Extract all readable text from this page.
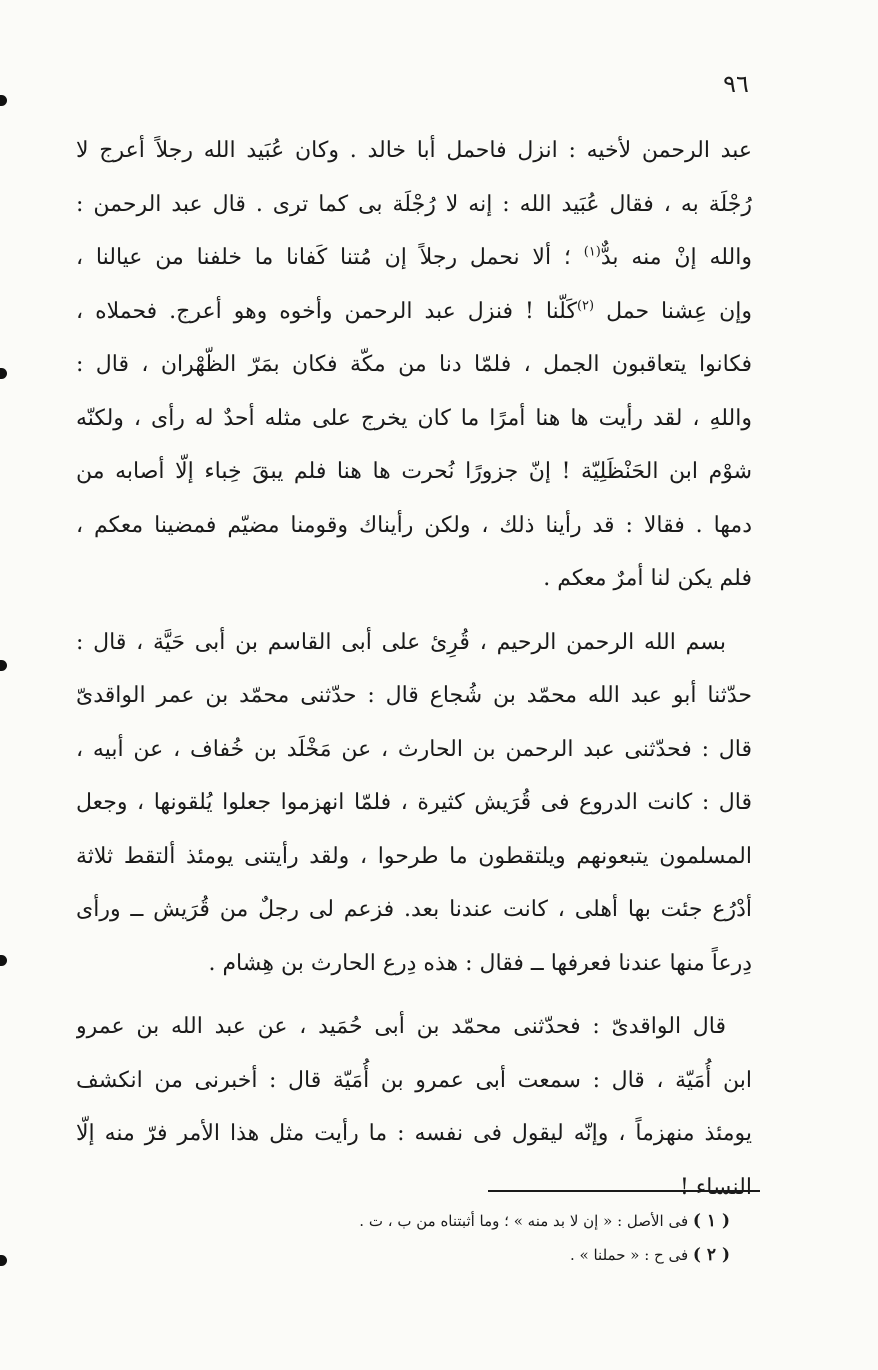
٩٦
عبد الرحمن لأخيه : انزل فاحمل أبا خالد . وكان عُبَيد الله رجلاً أعرج لا
رُجْلَة به ، فقال عُبَيد الله : إنه لا رُجْلَة بى كما ترى . قال عبد الرحمن :
والله إنْ منه بدٌّ$^{(١)}$ ؛ ألا نحمل رجلاً إن مُتنا كَفانا ما خلفنا من عيالنا ،
وإن عِشنا حمل $^{(٢)}$كَلّنا ! فنزل عبد الرحمن وأخوه وهو أعرج. فحملاه ،
فكانوا يتعاقبون الجمل ، فلمّا دنا من مكّة فكان بمَرّ الظّهْران ، قال :
واللهِ ، لقد رأيت ها هنا أمرًا ما كان يخرج على مثله أحدٌ له رأى ، ولكنّه
شوْم ابن الحَنْظَلِيّة ! إنّ جزورًا نُحرت ها هنا فلم يبقَ خِباء إلّا أصابه من
دمها . فقالا : قد رأينا ذلك ، ولكن رأيناك وقومنا مضيّم فمضينا معكم ،
فلم يكن لنا أمرٌ معكم .
بسم الله الرحمن الرحيم ، قُرِئ على أبى القاسم بن أبى حَيَّة ، قال :
حدّثنا أبو عبد الله محمّد بن شُجاع قال : حدّثنى محمّد بن عمر الواقدىّ
قال : فحدّثنى عبد الرحمن بن الحارث ، عن مَخْلَد بن خُفاف ، عن أبيه ،
قال : كانت الدروع فى قُرَيش كثيرة ، فلمّا انهزموا جعلوا يُلقونها ، وجعل
المسلمون يتبعونهم ويلتقطون ما طرحوا ، ولقد رأيتنى يومئذ ألتقط ثلاثة
أدْرُع جئت بها أهلى ، كانت عندنا بعد. فزعم لى رجلٌ من قُرَيش ــ ورأى
دِرعاً منها عندنا فعرفها ــ فقال : هذه دِرع الحارث بن هِشام .
قال الواقدىّ : فحدّثنى محمّد بن أبى حُمَيد ، عن عبد الله بن عمرو
ابن أُمَيّة ، قال : سمعت أبى عمرو بن أُمَيّة قال : أخبرنى من انكشف
يومئذ منهزماً ، وإنّه ليقول فى نفسه : ما رأيت مثل هذا الأمر فرّ منه إلّا
النساء !
( ١ ) فى الأصل : « إن لا بد منه » ؛ وما أثبتناه من ب ، ت .
( ٢ ) فى ح : « حملنا » .
